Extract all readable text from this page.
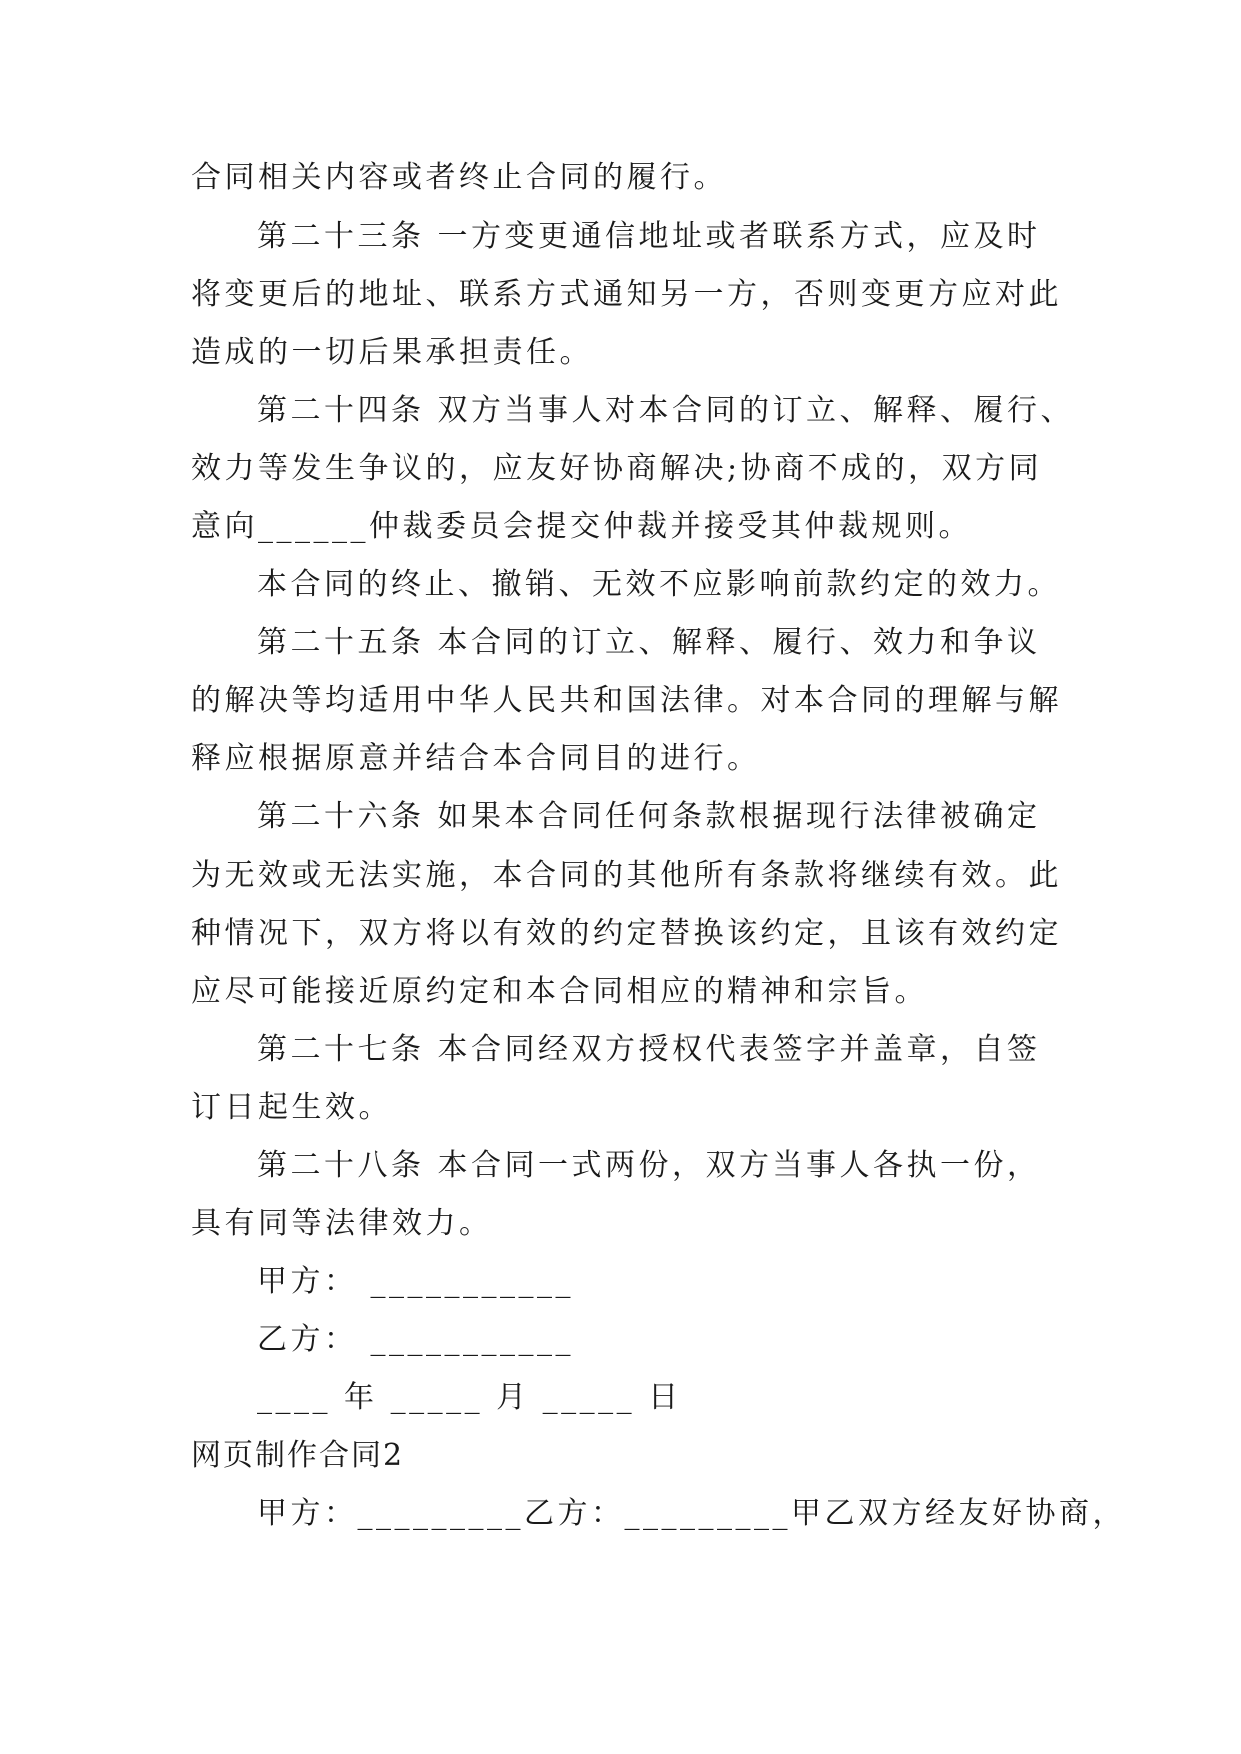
合同相关内容或者终止合同的履行。
第二十三条 一方变更通信地址或者联系方式，应及时
将变更后的地址、联系方式通知另一方，否则变更方应对此
造成的一切后果承担责任。
第二十四条 双方当事人对本合同的订立、解释、履行、
效力等发生争议的，应友好协商解决;协商不成的，双方同
意向______仲裁委员会提交仲裁并接受其仲裁规则。
本合同的终止、撤销、无效不应影响前款约定的效力。
第二十五条 本合同的订立、解释、履行、效力和争议
的解决等均适用中华人民共和国法律。对本合同的理解与解
释应根据原意并结合本合同目的进行。
第二十六条 如果本合同任何条款根据现行法律被确定
为无效或无法实施，本合同的其他所有条款将继续有效。此
种情况下，双方将以有效的约定替换该约定，且该有效约定
应尽可能接近原约定和本合同相应的精神和宗旨。
第二十七条 本合同经双方授权代表签字并盖章，自签
订日起生效。
第二十八条 本合同一式两份，双方当事人各执一份，
具有同等法律效力。
甲方： ___________
乙方： ___________
____ 年 _____ 月 _____ 日
网页制作合同2
甲方：_________乙方：_________甲乙双方经友好协商，
